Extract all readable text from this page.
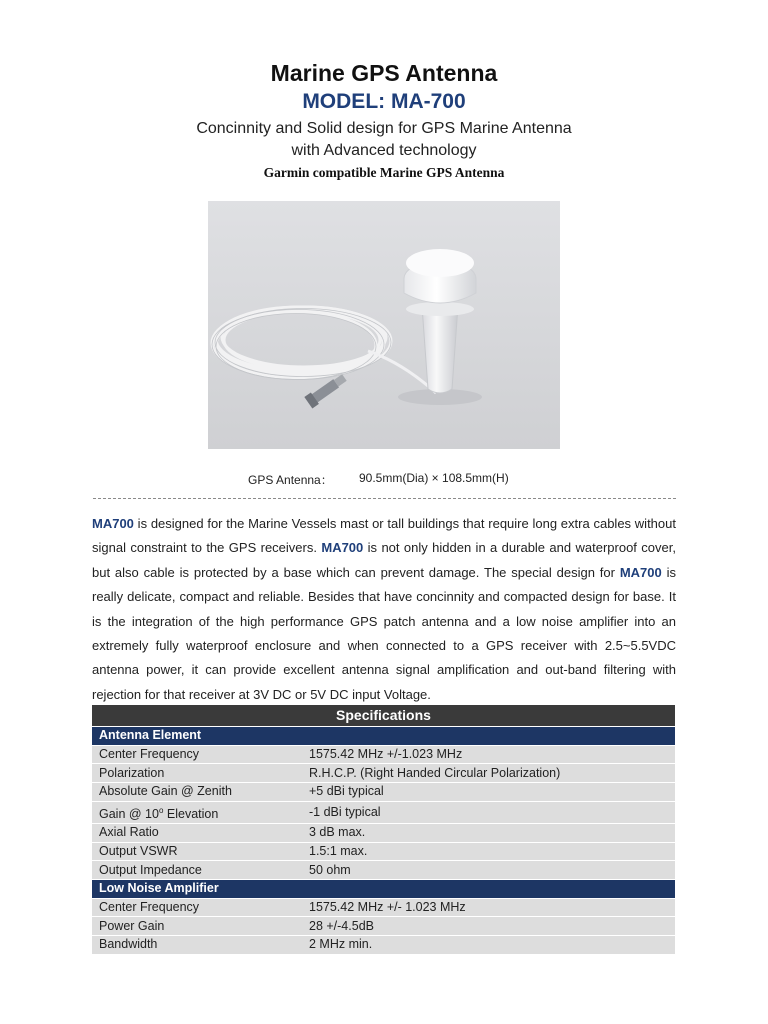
Marine GPS Antenna
MODEL: MA-700
Concinnity and Solid design for GPS Marine Antenna
with Advanced technology
Garmin compatible Marine GPS Antenna
GPS Antenna： 90.5mm(Dia) × 108.5mm(H)

MA700 is designed for the Marine Vessels mast or tall buildings that require long extra cables without signal constraint to the GPS receivers. MA700 is not only hidden in a durable and waterproof cover, but also cable is protected by a base which can prevent damage. The special design for MA700 is really delicate, compact and reliable. Besides that have concinnity and compacted design for base. It is the integration of the high performance GPS patch antenna and a low noise amplifier into an extremely fully waterproof enclosure and when connected to a GPS receiver with 2.5~5.5VDC antenna power, it can provide excellent antenna signal amplification and out-band filtering with rejection for that receiver at 3V DC or 5V DC input Voltage.

Specifications	
Antenna Element	
Center Frequency	1575.42 MHz +/-1.023 MHz
Polarization	R.H.C.P. (Right Handed Circular Polarization)
Absolute Gain @ Zenith	+5 dBi typical
Gain @ 10$^o$ Elevation	-1 dBi typical
Axial Ratio	3 dB max.
Output VSWR	1.5:1 max.
Output Impedance	50 ohm
Low Noise Amplifier	
Center Frequency	1575.42 MHz +/- 1.023 MHz
Power Gain	28 +/-4.5dB
Bandwidth	2 MHz min.
